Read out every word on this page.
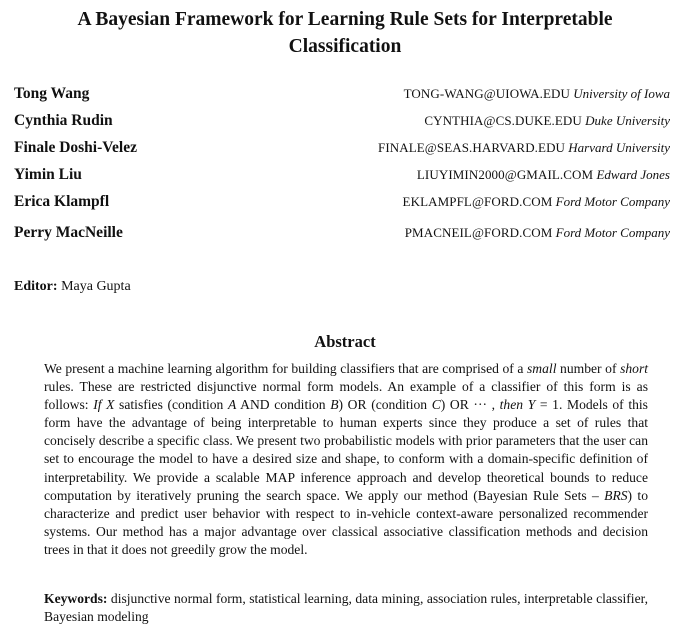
A Bayesian Framework for Learning Rule Sets for Interpretable
Classification
Tong Wang	TONG-WANG@UIOWA.EDU University of Iowa
Cynthia Rudin	CYNTHIA@CS.DUKE.EDU Duke University
Finale Doshi-Velez	FINALE@SEAS.HARVARD.EDU Harvard University
Yimin Liu	LIUYIMIN2000@GMAIL.COM Edward Jones
Erica Klampfl	EKLAMPFL@FORD.COM Ford Motor Company
Perry MacNeille	PMACNEIL@FORD.COM Ford Motor Company
Editor: Maya Gupta
Abstract

We present a machine learning algorithm for building classifiers that are comprised of a small number of short rules. These are restricted disjunctive normal form models. An example of a classifier of this form is as follows: If X satisfies (condition A AND condition B) OR (condition C) OR ··· , then Y = 1. Models of this form have the advantage of being interpretable to human experts since they produce a set of rules that concisely describe a specific class. We present two probabilistic models with prior parameters that the user can set to encourage the model to have a desired size and shape, to conform with a domain-specific definition of interpretability. We provide a scalable MAP inference approach and develop theoretical bounds to reduce computation by iteratively pruning the search space. We apply our method (Bayesian Rule Sets – BRS) to characterize and predict user behavior with respect to in-vehicle context-aware personalized recommender systems. Our method has a major advantage over classical associative classification methods and decision trees in that it does not greedily grow the model.

Keywords: disjunctive normal form, statistical learning, data mining, association rules, interpretable classifier, Bayesian modeling
